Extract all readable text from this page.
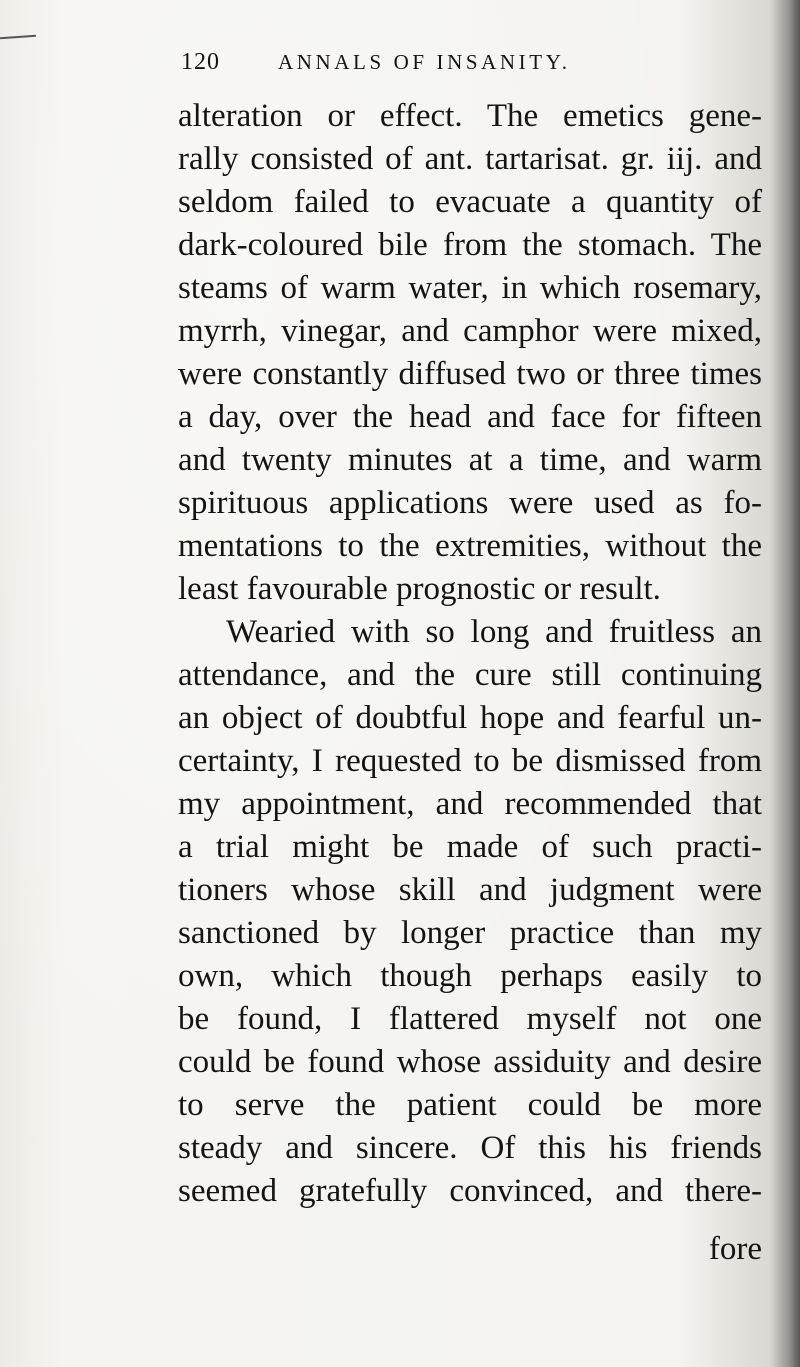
120	ANNALS OF INSANITY.
alteration or effect. The emetics gene-
rally consisted of ant. tartarisat. gr. iij. and
seldom failed to evacuate a quantity of
dark-coloured bile from the stomach. The
steams of warm water, in which rosemary,
myrrh, vinegar, and camphor were mixed,
were constantly diffused two or three times
a day, over the head and face for fifteen
and twenty minutes at a time, and warm
spirituous applications were used as fo-
mentations to the extremities, without the
least favourable prognostic or result.
Wearied with so long and fruitless an
attendance, and the cure still continuing
an object of doubtful hope and fearful un-
certainty, I requested to be dismissed from
my appointment, and recommended that
a trial might be made of such practi-
tioners whose skill and judgment were
sanctioned by longer practice than my
own, which though perhaps easily to
be found, I flattered myself not one
could be found whose assiduity and desire
to serve the patient could be more
steady and sincere. Of this his friends
seemed gratefully convinced, and there-
fore
